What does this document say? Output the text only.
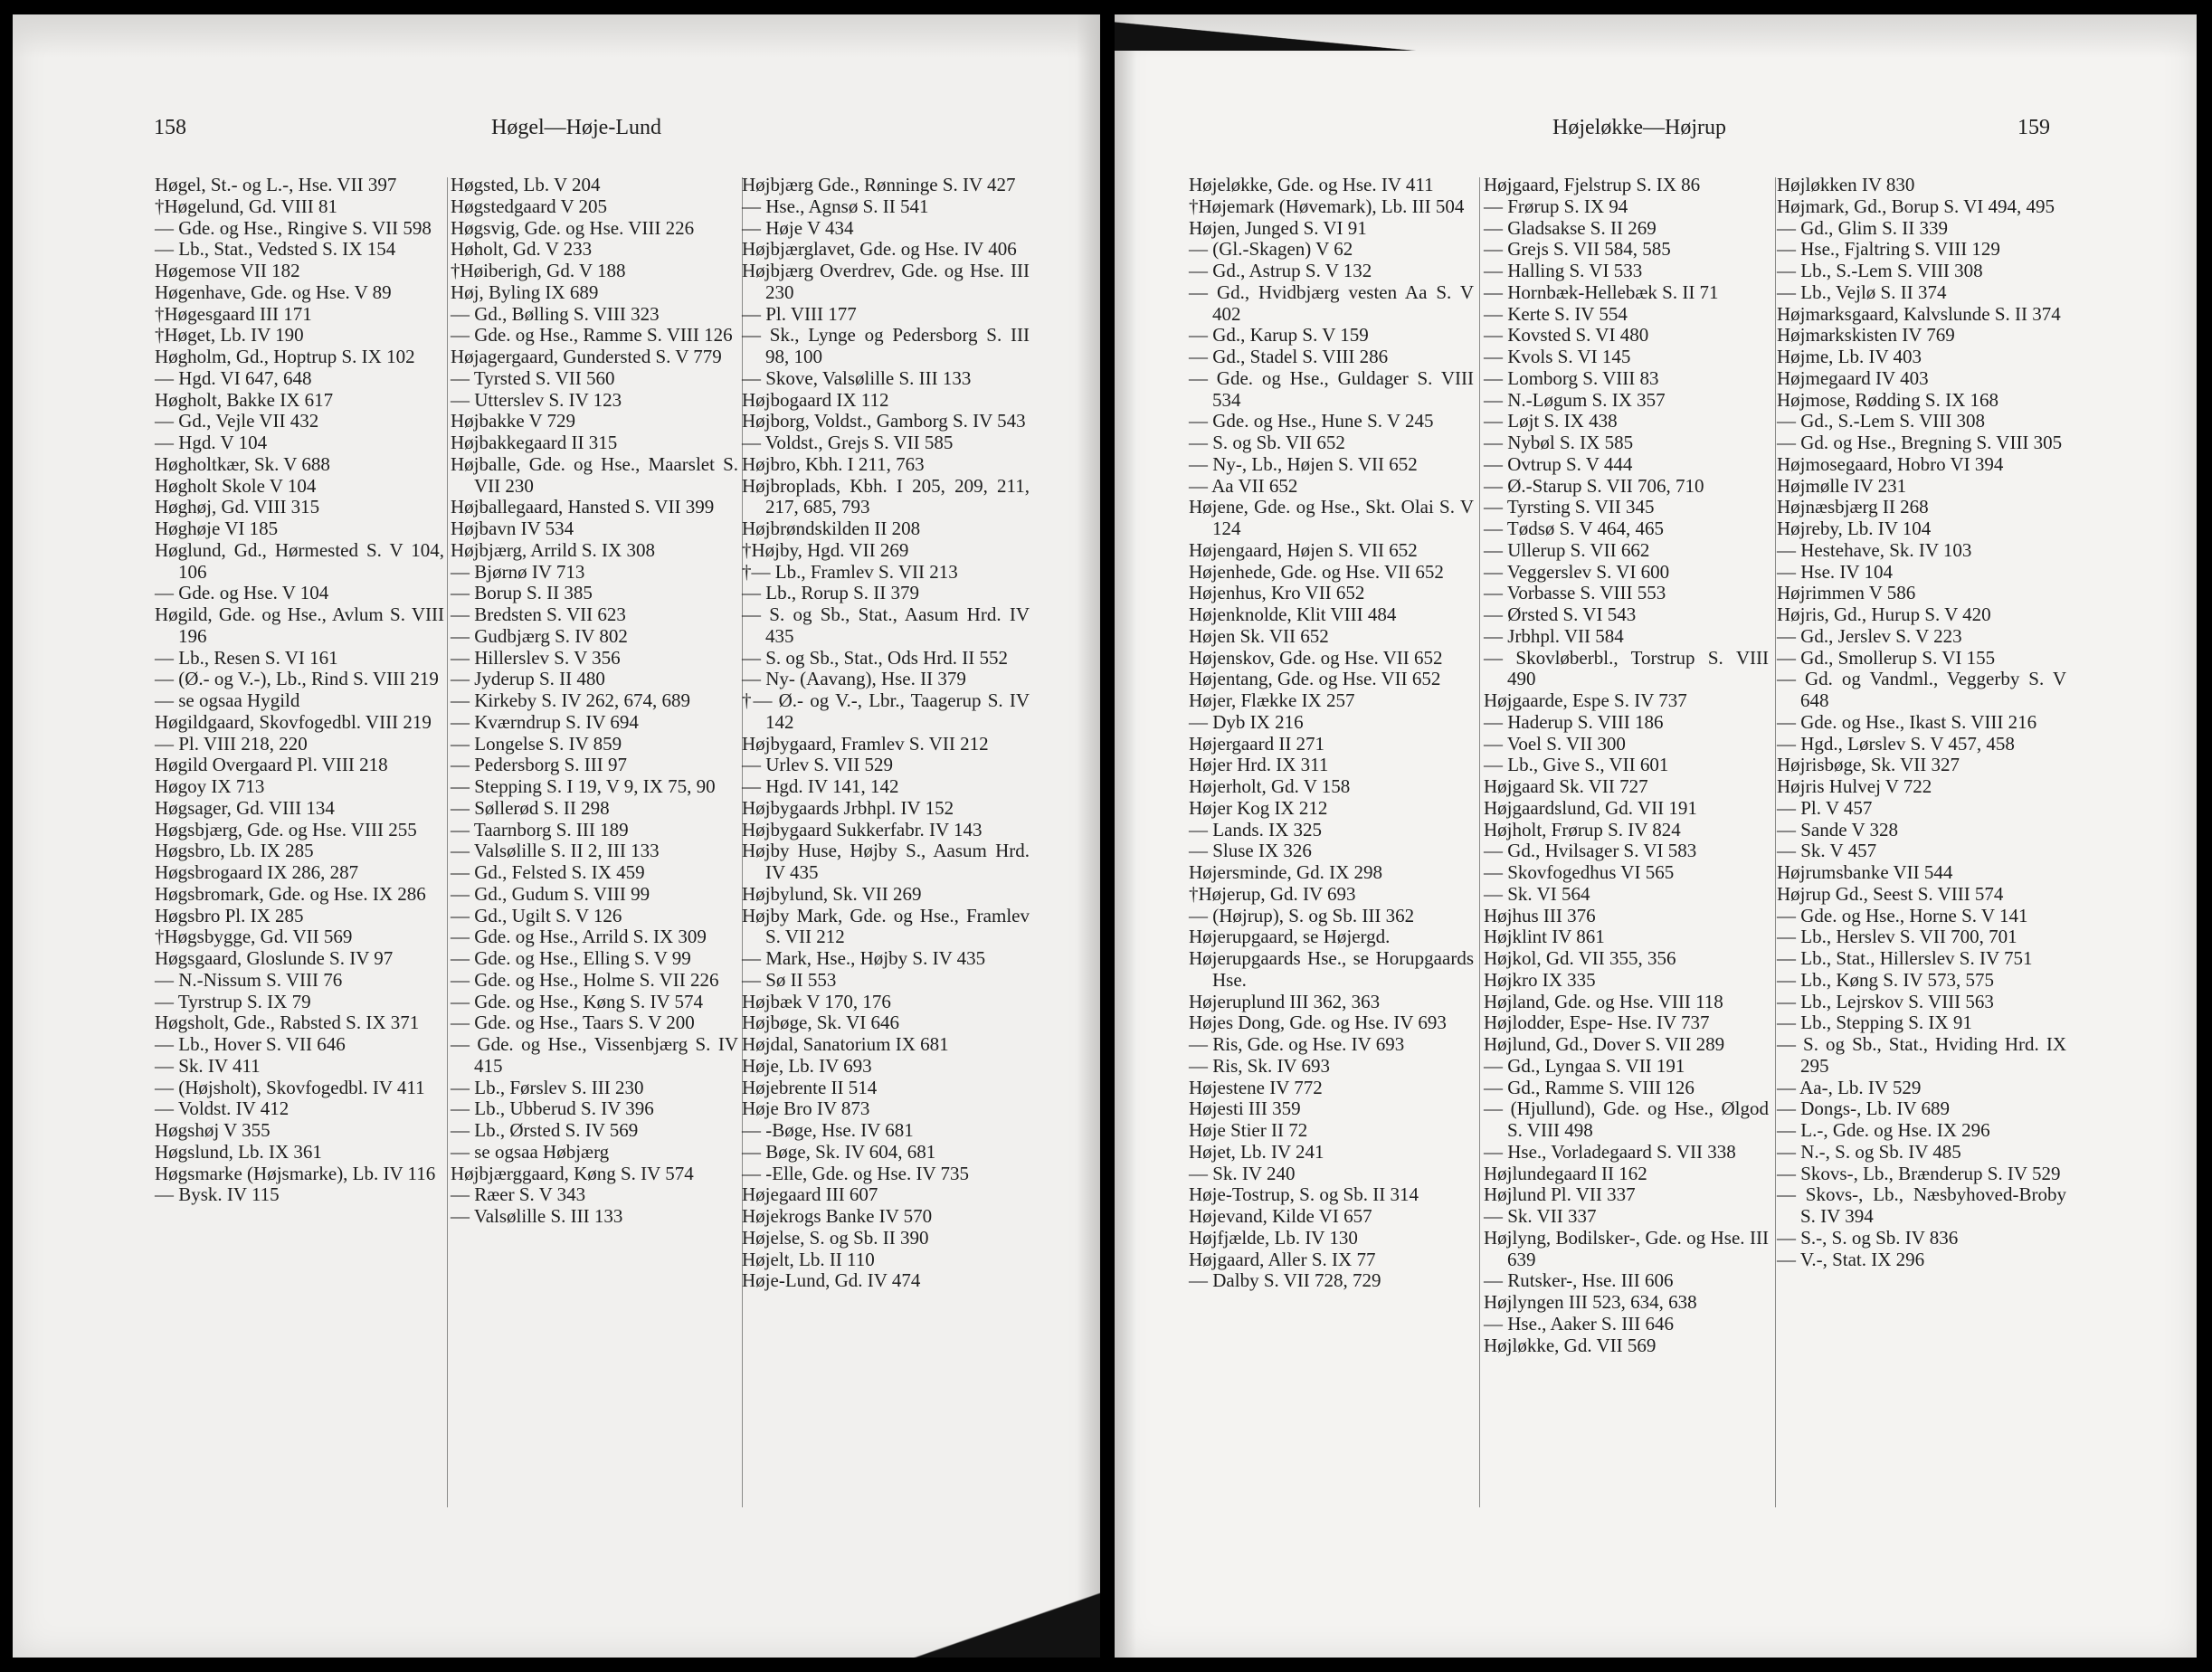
158	Høgel—Høje-Lund

Høgel, St.- og L.-, Hse. VII 397

†Høgelund, Gd. VIII 81

— Gde. og Hse., Ringive S. VII 598

— Lb., Stat., Vedsted S. IX 154

Høgemose VII 182

Høgenhave, Gde. og Hse. V 89

†Høgesgaard III 171

†Høget, Lb. IV 190

Høgholm, Gd., Hoptrup S. IX 102

— Hgd. VI 647, 648

Høgholt, Bakke IX 617

— Gd., Vejle VII 432

— Hgd. V 104

Høgholtkær, Sk. V 688

Høgholt Skole V 104

Høghøj, Gd. VIII 315

Høghøje VI 185

Høglund, Gd., Hørmested S. V 104, 106

— Gde. og Hse. V 104

Høgild, Gde. og Hse., Avlum S. VIII 196

— Lb., Resen S. VI 161

— (Ø.- og V.-), Lb., Rind S. VIII 219

— se ogsaa Hygild

Høgildgaard, Skovfogedbl. VIII 219

— Pl. VIII 218, 220

Høgild Overgaard Pl. VIII 218

Høgoy IX 713

Høgsager, Gd. VIII 134

Høgsbjærg, Gde. og Hse. VIII 255

Høgsbro, Lb. IX 285

Høgsbrogaard IX 286, 287

Høgsbromark, Gde. og Hse. IX 286

Høgsbro Pl. IX 285

†Høgsbygge, Gd. VII 569

Høgsgaard, Gloslunde S. IV 97

— N.-Nissum S. VIII 76

— Tyrstrup S. IX 79

Høgsholt, Gde., Rabsted S. IX 371

— Lb., Hover S. VII 646

— Sk. IV 411

— (Højsholt), Skovfogedbl. IV 411

— Voldst. IV 412

Høgshøj V 355

Høgslund, Lb. IX 361

Høgsmarke (Højsmarke), Lb. IV 116

— Bysk. IV 115

Høgsted, Lb. V 204

Høgstedgaard V 205

Høgsvig, Gde. og Hse. VIII 226

Høholt, Gd. V 233

†Høiberigh, Gd. V 188

Høj, Byling IX 689

— Gd., Bølling S. VIII 323

— Gde. og Hse., Ramme S. VIII 126

Højagergaard, Gundersted S. V 779

— Tyrsted S. VII 560

— Utterslev S. IV 123

Højbakke V 729

Højbakkegaard II 315

Højballe, Gde. og Hse., Maarslet S. VII 230

Højballegaard, Hansted S. VII 399

Højbavn IV 534

Højbjærg, Arrild S. IX 308

— Bjørnø IV 713

— Borup S. II 385

— Bredsten S. VII 623

— Gudbjærg S. IV 802

— Hillerslev S. V 356

— Jyderup S. II 480

— Kirkeby S. IV 262, 674, 689

— Kværndrup S. IV 694

— Longelse S. IV 859

— Pedersborg S. III 97

— Stepping S. I 19, V 9, IX 75, 90

— Søllerød S. II 298

— Taarnborg S. III 189

— Valsølille S. II 2, III 133

— Gd., Felsted S. IX 459

— Gd., Gudum S. VIII 99

— Gd., Ugilt S. V 126

— Gde. og Hse., Arrild S. IX 309

— Gde. og Hse., Elling S. V 99

— Gde. og Hse., Holme S. VII 226

— Gde. og Hse., Køng S. IV 574

— Gde. og Hse., Taars S. V 200

— Gde. og Hse., Vissenbjærg S. IV 415

— Lb., Førslev S. III 230

— Lb., Ubberud S. IV 396

— Lb., Ørsted S. IV 569

— se ogsaa Høbjærg

Højbjærggaard, Køng S. IV 574

— Ræer S. V 343

— Valsølille S. III 133

Højbjærg Gde., Rønninge S. IV 427

— Hse., Agnsø S. II 541

— Høje V 434

Højbjærglavet, Gde. og Hse. IV 406

Højbjærg Overdrev, Gde. og Hse. III 230

— Pl. VIII 177

— Sk., Lynge og Pedersborg S. III 98, 100

— Skove, Valsølille S. III 133

Højbogaard IX 112

Højborg, Voldst., Gamborg S. IV 543

— Voldst., Grejs S. VII 585

Højbro, Kbh. I 211, 763

Højbroplads, Kbh. I 205, 209, 211, 217, 685, 793

Højbrøndskilden II 208

†Højby, Hgd. VII 269

†— Lb., Framlev S. VII 213

— Lb., Rorup S. II 379

— S. og Sb., Stat., Aasum Hrd. IV 435

— S. og Sb., Stat., Ods Hrd. II 552

— Ny- (Aavang), Hse. II 379

†— Ø.- og V.-, Lbr., Taagerup S. IV 142

Højbygaard, Framlev S. VII 212

— Urlev S. VII 529

— Hgd. IV 141, 142

Højbygaards Jrbhpl. IV 152

Højbygaard Sukkerfabr. IV 143

Højby Huse, Højby S., Aasum Hrd. IV 435

Højbylund, Sk. VII 269

Højby Mark, Gde. og Hse., Framlev S. VII 212

— Mark, Hse., Højby S. IV 435

— Sø II 553

Højbæk V 170, 176

Højbøge, Sk. VI 646

Højdal, Sanatorium IX 681

Høje, Lb. IV 693

Højebrente II 514

Høje Bro IV 873

— -Bøge, Hse. IV 681

— Bøge, Sk. IV 604, 681

— -Elle, Gde. og Hse. IV 735

Højegaard III 607

Højekrogs Banke IV 570

Højelse, S. og Sb. II 390

Højelt, Lb. II 110

Høje-Lund, Gd. IV 474

Højeløkke—Højrup	159

Højeløkke, Gde. og Hse. IV 411

†Højemark (Høvemark), Lb. III 504

Højen, Junged S. VI 91

— (Gl.-Skagen) V 62

— Gd., Astrup S. V 132

— Gd., Hvidbjærg vesten Aa S. V 402

— Gd., Karup S. V 159

— Gd., Stadel S. VIII 286

— Gde. og Hse., Guldager S. VIII 534

— Gde. og Hse., Hune S. V 245

— S. og Sb. VII 652

— Ny-, Lb., Højen S. VII 652

— Aa VII 652

Højene, Gde. og Hse., Skt. Olai S. V 124

Højengaard, Højen S. VII 652

Højenhede, Gde. og Hse. VII 652

Højenhus, Kro VII 652

Højenknolde, Klit VIII 484

Højen Sk. VII 652

Højenskov, Gde. og Hse. VII 652

Højentang, Gde. og Hse. VII 652

Højer, Flække IX 257

— Dyb IX 216

Højergaard II 271

Højer Hrd. IX 311

Højerholt, Gd. V 158

Højer Kog IX 212

— Lands. IX 325

— Sluse IX 326

Højersminde, Gd. IX 298

†Højerup, Gd. IV 693

— (Højrup), S. og Sb. III 362

Højerupgaard, se Højergd.

Højerupgaards Hse., se Horupgaards Hse.

Højeruplund III 362, 363

Højes Dong, Gde. og Hse. IV 693

— Ris, Gde. og Hse. IV 693

— Ris, Sk. IV 693

Højestene IV 772

Højesti III 359

Høje Stier II 72

Højet, Lb. IV 241

— Sk. IV 240

Høje-Tostrup, S. og Sb. II 314

Højevand, Kilde VI 657

Højfjælde, Lb. IV 130

Højgaard, Aller S. IX 77

— Dalby S. VII 728, 729

Højgaard, Fjelstrup S. IX 86

— Frørup S. IX 94

— Gladsakse S. II 269

— Grejs S. VII 584, 585

— Halling S. VI 533

— Hornbæk-Hellebæk S. II 71

— Kerte S. IV 554

— Kovsted S. VI 480

— Kvols S. VI 145

— Lomborg S. VIII 83

— N.-Løgum S. IX 357

— Løjt S. IX 438

— Nybøl S. IX 585

— Ovtrup S. V 444

— Ø.-Starup S. VII 706, 710

— Tyrsting S. VII 345

— Tødsø S. V 464, 465

— Ullerup S. VII 662

— Veggerslev S. VI 600

— Vorbasse S. VIII 553

— Ørsted S. VI 543

— Jrbhpl. VII 584

— Skovløberbl., Torstrup S. VIII 490

Højgaarde, Espe S. IV 737

— Haderup S. VIII 186

— Voel S. VII 300

— Lb., Give S., VII 601

Højgaard Sk. VII 727

Højgaardslund, Gd. VII 191

Højholt, Frørup S. IV 824

— Gd., Hvilsager S. VI 583

— Skovfogedhus VI 565

— Sk. VI 564

Højhus III 376

Højklint IV 861

Højkol, Gd. VII 355, 356

Højkro IX 335

Højland, Gde. og Hse. VIII 118

Højlodder, Espe- Hse. IV 737

Højlund, Gd., Dover S. VII 289

— Gd., Lyngaa S. VII 191

— Gd., Ramme S. VIII 126

— (Hjullund), Gde. og Hse., Ølgod S. VIII 498

— Hse., Vorladegaard S. VII 338

Højlundegaard II 162

Højlund Pl. VII 337

— Sk. VII 337

Højlyng, Bodilsker-, Gde. og Hse. III 639

— Rutsker-, Hse. III 606

Højlyngen III 523, 634, 638

— Hse., Aaker S. III 646

Højløkke, Gd. VII 569

Højløkken IV 830

Højmark, Gd., Borup S. VI 494, 495

— Gd., Glim S. II 339

— Hse., Fjaltring S. VIII 129

— Lb., S.-Lem S. VIII 308

— Lb., Vejlø S. II 374

Højmarksgaard, Kalvslunde S. II 374

Højmarkskisten IV 769

Højme, Lb. IV 403

Højmegaard IV 403

Højmose, Rødding S. IX 168

— Gd., S.-Lem S. VIII 308

— Gd. og Hse., Bregning S. VIII 305

Højmosegaard, Hobro VI 394

Højmølle IV 231

Højnæsbjærg II 268

Højreby, Lb. IV 104

— Hestehave, Sk. IV 103

— Hse. IV 104

Højrimmen V 586

Højris, Gd., Hurup S. V 420

— Gd., Jerslev S. V 223

— Gd., Smollerup S. VI 155

— Gd. og Vandml., Veggerby S. V 648

— Gde. og Hse., Ikast S. VIII 216

— Hgd., Lørslev S. V 457, 458

Højrisbøge, Sk. VII 327

Højris Hulvej V 722

— Pl. V 457

— Sande V 328

— Sk. V 457

Højrumsbanke VII 544

Højrup Gd., Seest S. VIII 574

— Gde. og Hse., Horne S. V 141

— Lb., Herslev S. VII 700, 701

— Lb., Stat., Hillerslev S. IV 751

— Lb., Køng S. IV 573, 575

— Lb., Lejrskov S. VIII 563

— Lb., Stepping S. IX 91

— S. og Sb., Stat., Hviding Hrd. IX 295

— Aa-, Lb. IV 529

— Dongs-, Lb. IV 689

— L.-, Gde. og Hse. IX 296

— N.-, S. og Sb. IV 485

— Skovs-, Lb., Brænderup S. IV 529

— Skovs-, Lb., Næsbyhoved-Broby S. IV 394

— S.-, S. og Sb. IV 836

— V.-, Stat. IX 296
